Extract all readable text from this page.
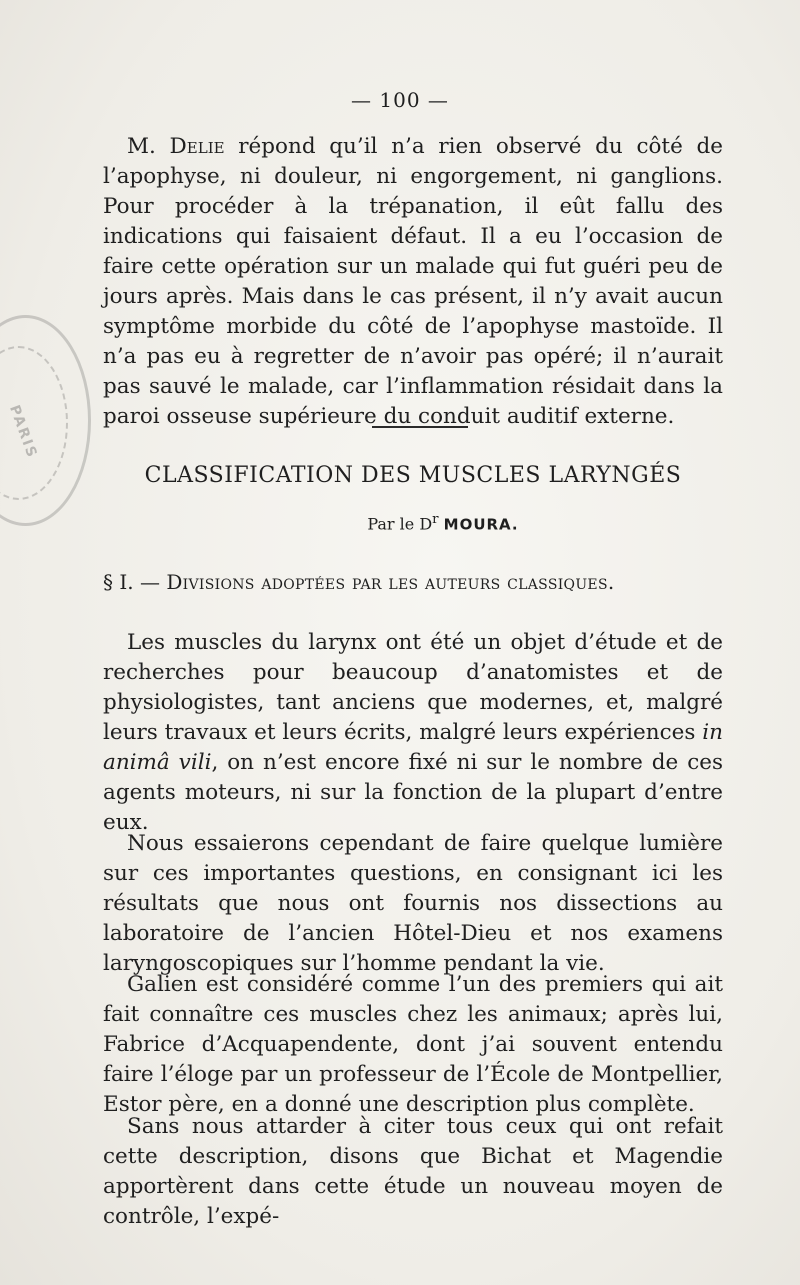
PARIS
— 100 —

M. Delie répond qu’il n’a rien observé du côté de l’apophyse, ni douleur, ni engorgement, ni ganglions. Pour procéder à la trépanation, il eût fallu des indications qui faisaient défaut. Il a eu l’occasion de faire cette opération sur un malade qui fut guéri peu de jours après. Mais dans le cas présent, il n’y avait aucun symptôme morbide du côté de l’apophyse mastoïde. Il n’a pas eu à regretter de n’avoir pas opéré; il n’aurait pas sauvé le malade, car l’inflammation résidait dans la paroi osseuse supérieure du conduit auditif externe.

CLASSIFICATION DES MUSCLES LARYNGÉS
Par le $D^r$ MOURA.
§ I. — Divisions adoptées par les auteurs classiques.

Les muscles du larynx ont été un objet d’étude et de recherches pour beaucoup d’anatomistes et de physiologistes, tant anciens que modernes, et, malgré leurs travaux et leurs écrits, malgré leurs expériences in animâ vili, on n’est encore fixé ni sur le nombre de ces agents moteurs, ni sur la fonction de la plupart d’entre eux.

Nous essaierons cependant de faire quelque lumière sur ces importantes questions, en consignant ici les résultats que nous ont fournis nos dissections au laboratoire de l’ancien Hôtel-Dieu et nos examens laryngoscopiques sur l’homme pendant la vie.

Galien est considéré comme l’un des premiers qui ait fait connaître ces muscles chez les animaux; après lui, Fabrice d’Acquapendente, dont j’ai souvent entendu faire l’éloge par un professeur de l’École de Montpellier, Estor père, en a donné une description plus complète.

Sans nous attarder à citer tous ceux qui ont refait cette description, disons que Bichat et Magendie apportèrent dans cette étude un nouveau moyen de contrôle, l’expé-
